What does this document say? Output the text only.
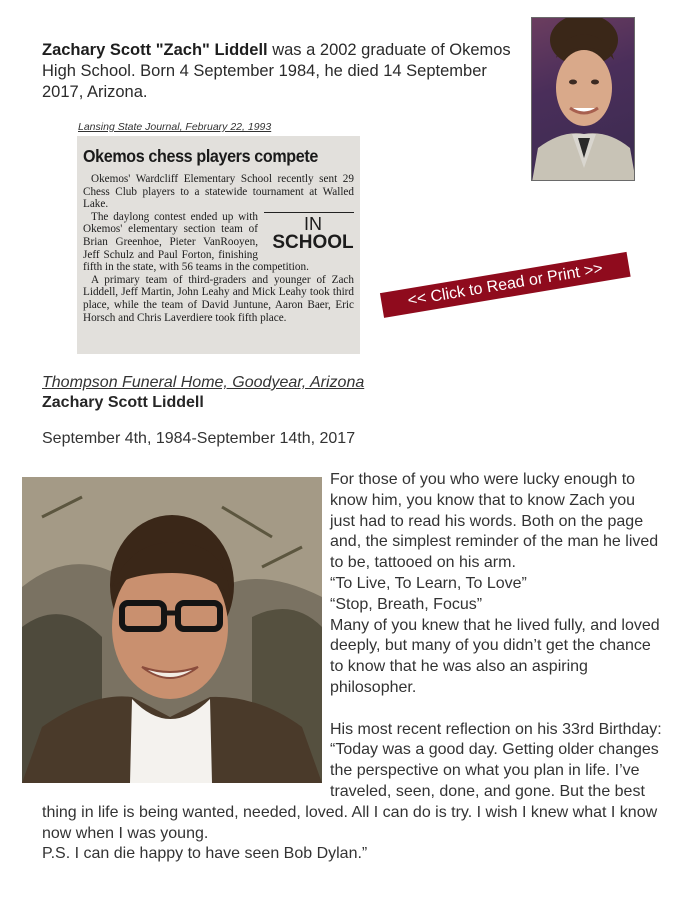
Zachary Scott "Zach" Liddell was a 2002 graduate of Okemos High School. Born 4 September 1984, he died 14 September 2017, Arizona.

Lansing State Journal, February 22, 1993

Okemos chess players compete

Okemos' Wardcliff Elementary School recently sent 29 Chess Club players to a statewide tournament at Walled Lake.

IN
SCHOOL
The daylong contest ended up with Okemos' elementary section team of Brian Greenhoe, Pieter VanRooyen, Jeff Schulz and Paul Forton, finishing fifth in the state, with 56 teams in the competition.

A primary team of third-graders and younger of Zach Liddell, Jeff Martin, John Leahy and Mick Leahy took third place, while the team of David Juntune, Aaron Baer, Eric Horsch and Chris Laverdiere took fifth place.

<< Click to Read or Print >>

Thompson Funeral Home, Goodyear, Arizona

Zachary Scott Liddell

September 4th, 1984-September 14th, 2017

For those of you who were lucky enough to know him, you know that to know Zach you just had to read his words. Both on the page and, the simplest reminder of the man he lived to be, tattooed on his arm.

“To Live, To Learn, To Love”

“Stop, Breath, Focus”

Many of you knew that he lived fully, and loved deeply, but many of you didn’t get the chance to know that he was also an aspiring philosopher.

His most recent reflection on his 33rd Birthday:

“Today was a good day. Getting older changes the perspective on what you plan in life. I’ve traveled, seen, done, and gone. But the best thing in life is being wanted, needed, loved. All I can do is try. I wish I knew what I know now when I was young.

P.S. I can die happy to have seen Bob Dylan.”
